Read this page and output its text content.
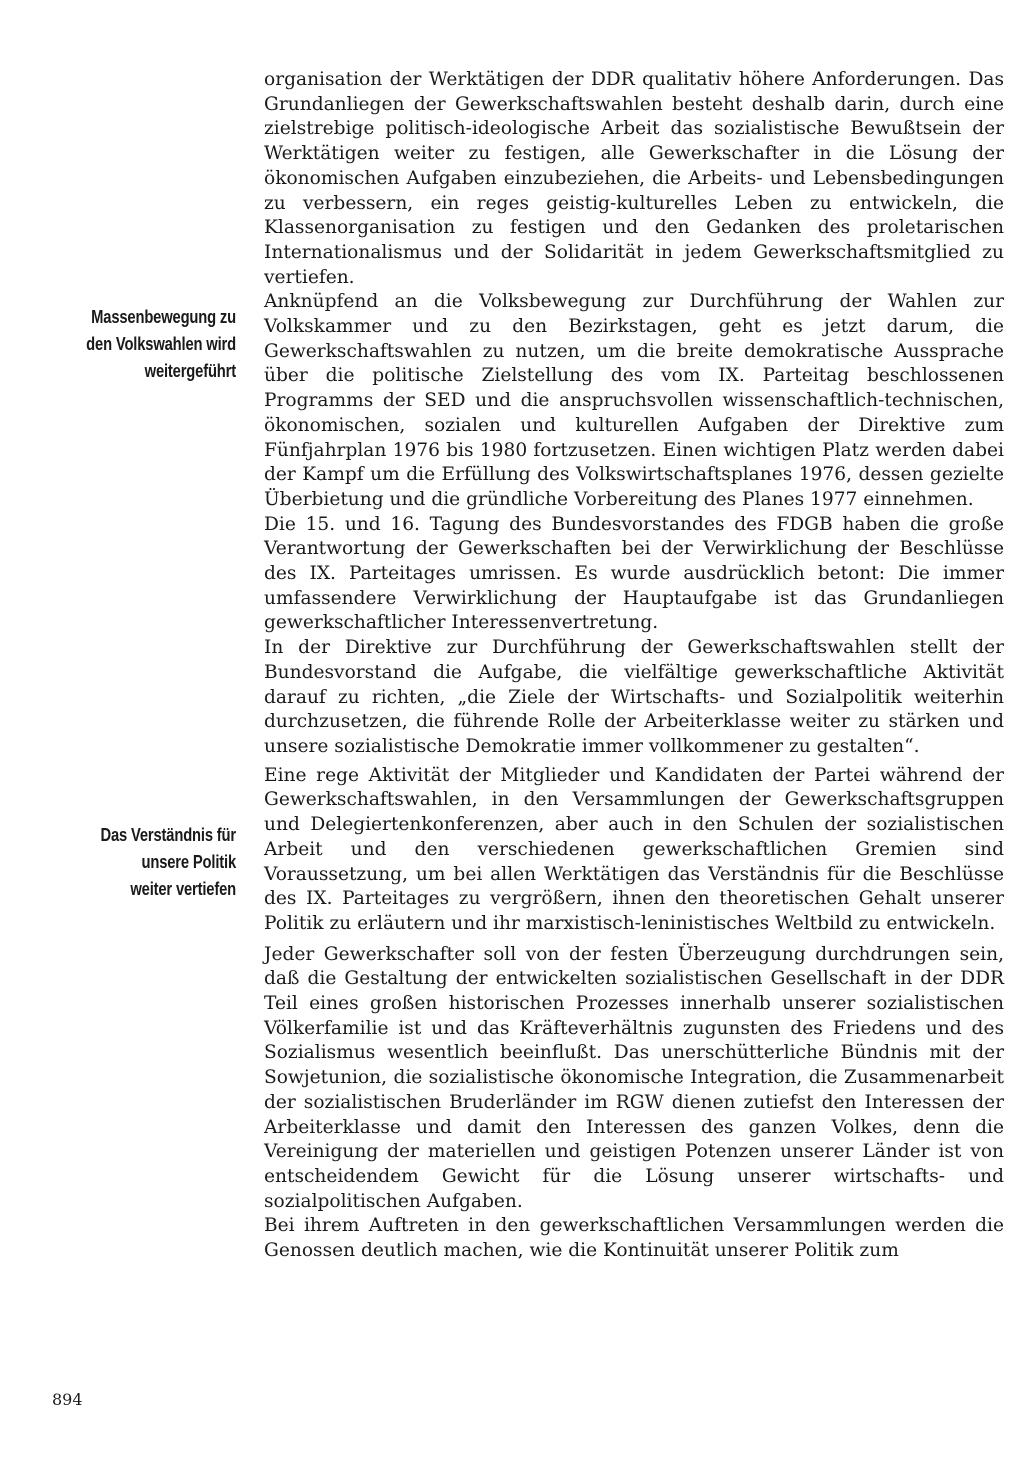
Massenbewegung zu
den Volkswahlen wird
weitergeführt
Das Verständnis für
unsere Politik
weiter vertiefen

organisation der Werktätigen der DDR qualitativ höhere Anforderungen. Das Grundanliegen der Gewerkschaftswahlen besteht deshalb darin, durch eine zielstrebige politisch-ideologische Arbeit das sozialistische Bewußtsein der Werktätigen weiter zu festigen, alle Gewerkschafter in die Lösung der ökonomischen Aufgaben einzubeziehen, die Arbeits- und Lebensbedingungen zu verbessern, ein reges geistig-kulturelles Leben zu entwickeln, die Klassenorganisation zu festigen und den Gedanken des proletarischen Internationalismus und der Solidarität in jedem Gewerkschaftsmitglied zu vertiefen.

Anknüpfend an die Volksbewegung zur Durchführung der Wahlen zur Volkskammer und zu den Bezirkstagen, geht es jetzt darum, die Gewerkschaftswahlen zu nutzen, um die breite demokratische Aussprache über die politische Zielstellung des vom IX. Parteitag beschlossenen Programms der SED und die anspruchsvollen wissenschaftlich-technischen, ökonomischen, sozialen und kulturellen Aufgaben der Direktive zum Fünfjahrplan 1976 bis 1980 fortzusetzen. Einen wichtigen Platz werden dabei der Kampf um die Erfüllung des Volkswirtschaftsplanes 1976, dessen gezielte Überbietung und die gründliche Vorbereitung des Planes 1977 einnehmen.

Die 15. und 16. Tagung des Bundesvorstandes des FDGB haben die große Verantwortung der Gewerkschaften bei der Verwirklichung der Beschlüsse des IX. Parteitages umrissen. Es wurde ausdrücklich betont: Die immer umfassendere Verwirklichung der Hauptaufgabe ist das Grundanliegen gewerkschaftlicher Interessenvertretung.

In der Direktive zur Durchführung der Gewerkschaftswahlen stellt der Bundesvorstand die Aufgabe, die vielfältige gewerkschaftliche Aktivität darauf zu richten, „die Ziele der Wirtschafts- und Sozialpolitik weiterhin durchzusetzen, die führende Rolle der Arbeiterklasse weiter zu stärken und unsere sozialistische Demokratie immer vollkommener zu gestalten“.

Eine rege Aktivität der Mitglieder und Kandidaten der Partei während der Gewerkschaftswahlen, in den Versammlungen der Gewerkschaftsgruppen und Delegiertenkonferenzen, aber auch in den Schulen der sozialistischen Arbeit und den verschiedenen gewerkschaftlichen Gremien sind Voraussetzung, um bei allen Werktätigen das Verständnis für die Beschlüsse des IX. Parteitages zu vergrößern, ihnen den theoretischen Gehalt unserer Politik zu erläutern und ihr marxistisch-leninistisches Weltbild zu entwickeln.

Jeder Gewerkschafter soll von der festen Überzeugung durchdrungen sein, daß die Gestaltung der entwickelten sozialistischen Gesellschaft in der DDR Teil eines großen historischen Prozesses innerhalb unserer sozialistischen Völkerfamilie ist und das Kräfteverhältnis zugunsten des Friedens und des Sozialismus wesentlich beeinflußt. Das unerschütterliche Bündnis mit der Sowjetunion, die sozialistische ökonomische Integration, die Zusammenarbeit der sozialistischen Bruderländer im RGW dienen zutiefst den Interessen der Arbeiterklasse und damit den Interessen des ganzen Volkes, denn die Vereinigung der materiellen und geistigen Potenzen unserer Länder ist von entscheidendem Gewicht für die Lösung unserer wirtschafts- und sozialpolitischen Aufgaben.

Bei ihrem Auftreten in den gewerkschaftlichen Versammlungen werden die Genossen deutlich machen, wie die Kontinuität unserer Politik zum

894
